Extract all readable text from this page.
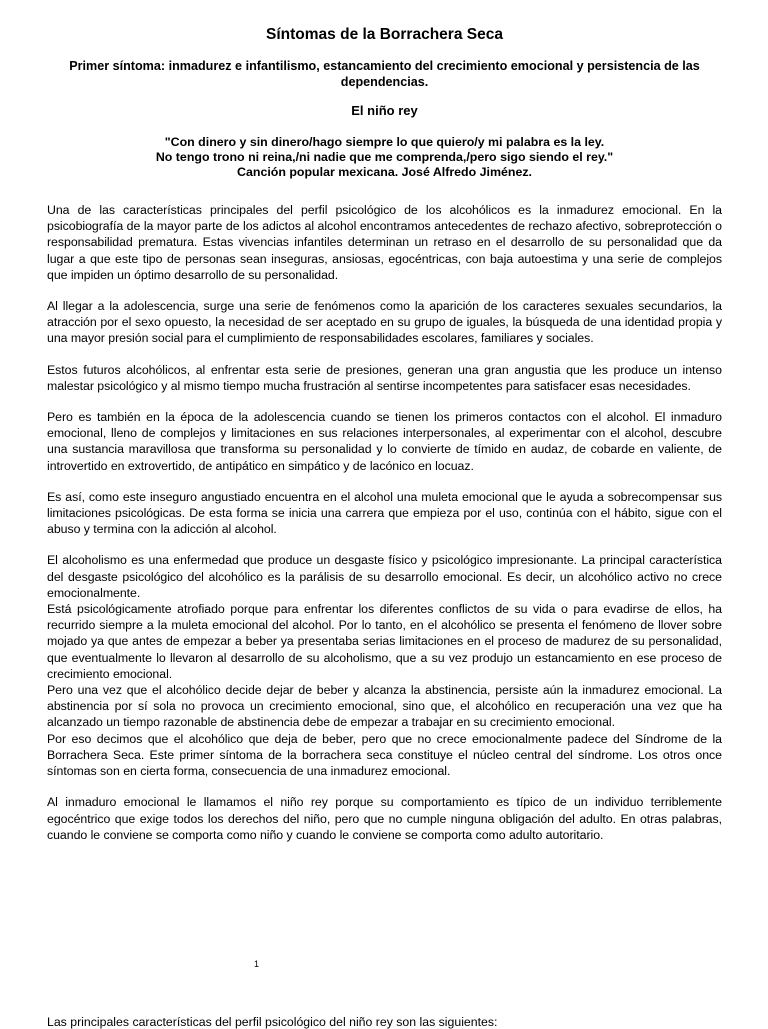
Síntomas de la Borrachera Seca
Primer síntoma: inmadurez e infantilismo, estancamiento del crecimiento emocional y persistencia de las dependencias.
El niño rey
"Con dinero y sin dinero/hago siempre lo que quiero/y mi palabra es la ley.
No tengo trono ni reina,/ni nadie que me comprenda,/pero sigo siendo el rey."
Canción popular mexicana. José Alfredo Jiménez.

Una de las características principales del perfil psicológico de los alcohólicos es la inmadurez emocional. En la psicobiografía de la mayor parte de los adictos al alcohol encontramos antecedentes de rechazo afectivo, sobreprotección o responsabilidad prematura. Estas vivencias infantiles determinan un retraso en el desarrollo de su personalidad que da lugar a que este tipo de personas sean inseguras, ansiosas, egocéntricas, con baja autoestima y una serie de complejos que impiden un óptimo desarrollo de su personalidad.

Al llegar a la adolescencia, surge una serie de fenómenos como la aparición de los caracteres sexuales secundarios, la atracción por el sexo opuesto, la necesidad de ser aceptado en su grupo de iguales, la búsqueda de una identidad propia y una mayor presión social para el cumplimiento de responsabilidades escolares, familiares y sociales.

Estos futuros alcohólicos, al enfrentar esta serie de presiones, generan una gran angustia que les produce un intenso malestar psicológico y al mismo tiempo mucha frustración al sentirse incompetentes para satisfacer esas necesidades.

Pero es también en la época de la adolescencia cuando se tienen los primeros contactos con el alcohol. El inmaduro emocional, lleno de complejos y limitaciones en sus relaciones interpersonales, al experimentar con el alcohol, descubre una sustancia maravillosa que transforma su personalidad y lo convierte de tímido en audaz, de cobarde en valiente, de introvertido en extrovertido, de antipático en simpático y de lacónico en locuaz.

Es así, como este inseguro angustiado encuentra en el alcohol una muleta emocional que le ayuda a sobrecompensar sus limitaciones psicológicas. De esta forma se inicia una carrera que empieza por el uso, continúa con el hábito, sigue con el abuso y termina con la adicción al alcohol.

El alcoholismo es una enfermedad que produce un desgaste físico y psicológico impresionante. La principal característica del desgaste psicológico del alcohólico es la parálisis de su desarrollo emocional. Es decir, un alcohólico activo no crece emocionalmente.

Está psicológicamente atrofiado porque para enfrentar los diferentes conflictos de su vida o para evadirse de ellos, ha recurrido siempre a la muleta emocional del alcohol. Por lo tanto, en el alcohólico se presenta el fenómeno de llover sobre mojado ya que antes de empezar a beber ya presentaba serias limitaciones en el proceso de madurez de su personalidad, que eventualmente lo llevaron al desarrollo de su alcoholismo, que a su vez produjo un estancamiento en ese proceso de crecimiento emocional.

Pero una vez que el alcohólico decide dejar de beber y alcanza la abstinencia, persiste aún la inmadurez emocional. La abstinencia por sí sola no provoca un crecimiento emocional, sino que, el alcohólico en recuperación una vez que ha alcanzado un tiempo razonable de abstinencia debe de empezar a trabajar en su crecimiento emocional.

Por eso decimos que el alcohólico que deja de beber, pero que no crece emocionalmente padece del Síndrome de la Borrachera Seca. Este primer síntoma de la borrachera seca constituye el núcleo central del síndrome. Los otros once síntomas son en cierta forma, consecuencia de una inmadurez emocional.

Al inmaduro emocional le llamamos el niño rey porque su comportamiento es típico de un individuo terriblemente egocéntrico que exige todos los derechos del niño, pero que no cumple ninguna obligación del adulto. En otras palabras, cuando le conviene se comporta como niño y cuando le conviene se comporta como adulto autoritario.

1
Las principales características del perfil psicológico del niño rey son las siguientes:
